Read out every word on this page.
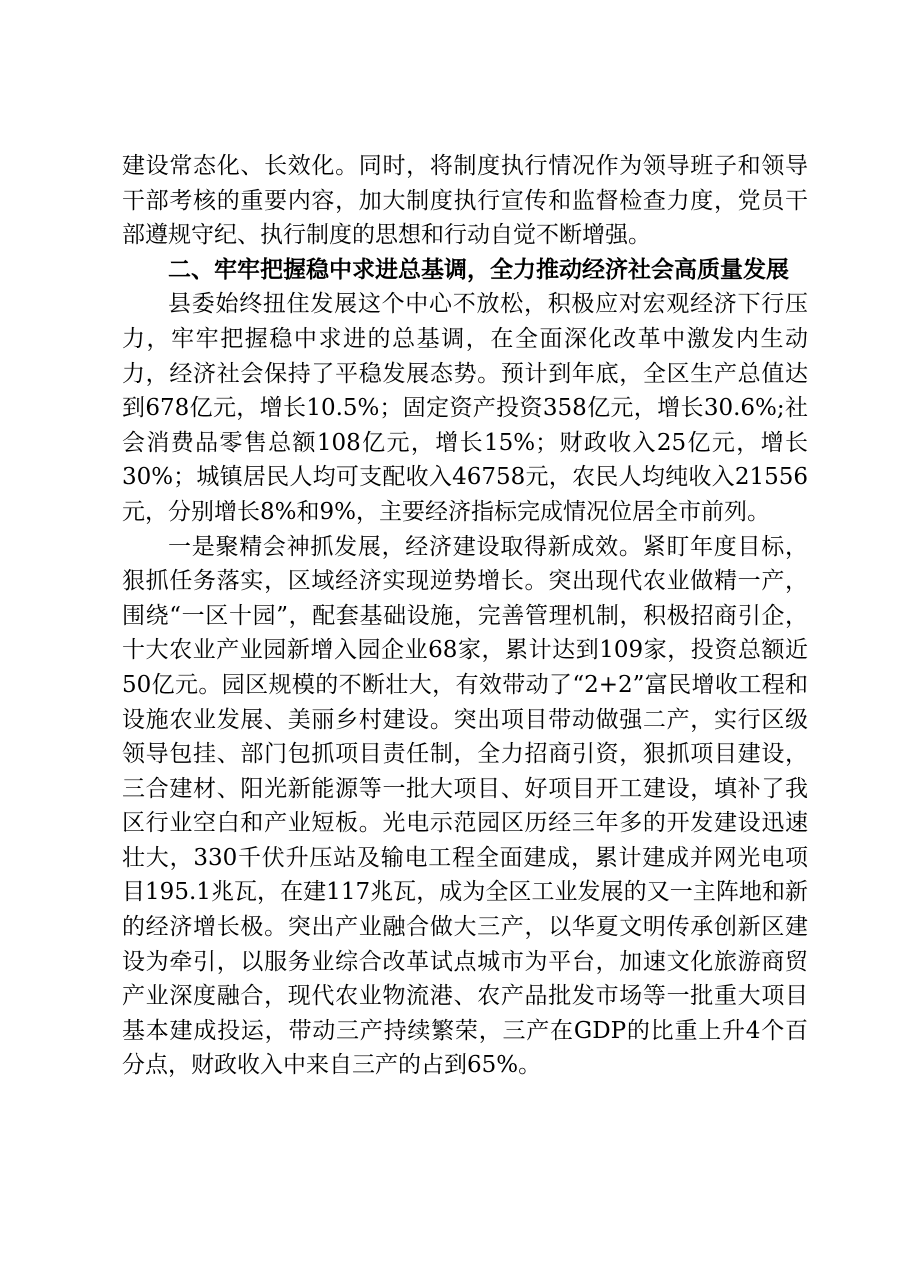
建设常态化、长效化。同时，将制度执行情况作为领导班子和领导干部考核的重要内容，加大制度执行宣传和监督检查力度，党员干部遵规守纪、执行制度的思想和行动自觉不断增强。

二、牢牢把握稳中求进总基调，全力推动经济社会高质量发展

县委始终扭住发展这个中心不放松，积极应对宏观经济下行压力，牢牢把握稳中求进的总基调，在全面深化改革中激发内生动力，经济社会保持了平稳发展态势。预计到年底，全区生产总值达到678亿元，增长10.5%；固定资产投资358亿元，增长30.6%;社会消费品零售总额108亿元，增长15%；财政收入25亿元，增长30%；城镇居民人均可支配收入46758元，农民人均纯收入21556元，分别增长8%和9%，主要经济指标完成情况位居全市前列。

一是聚精会神抓发展，经济建设取得新成效。紧盯年度目标，狠抓任务落实，区域经济实现逆势增长。突出现代农业做精一产，围绕“一区十园”，配套基础设施，完善管理机制，积极招商引企，十大农业产业园新增入园企业68家，累计达到109家，投资总额近50亿元。园区规模的不断壮大，有效带动了“2+2”富民增收工程和设施农业发展、美丽乡村建设。突出项目带动做强二产，实行区级领导包挂、部门包抓项目责任制，全力招商引资，狠抓项目建设，三合建材、阳光新能源等一批大项目、好项目开工建设，填补了我区行业空白和产业短板。光电示范园区历经三年多的开发建设迅速壮大，330千伏升压站及输电工程全面建成，累计建成并网光电项目195.1兆瓦，在建117兆瓦，成为全区工业发展的又一主阵地和新的经济增长极。突出产业融合做大三产，以华夏文明传承创新区建设为牵引，以服务业综合改革试点城市为平台，加速文化旅游商贸产业深度融合，现代农业物流港、农产品批发市场等一批重大项目基本建成投运，带动三产持续繁荣，三产在GDP的比重上升4个百分点，财政收入中来自三产的占到65%。
